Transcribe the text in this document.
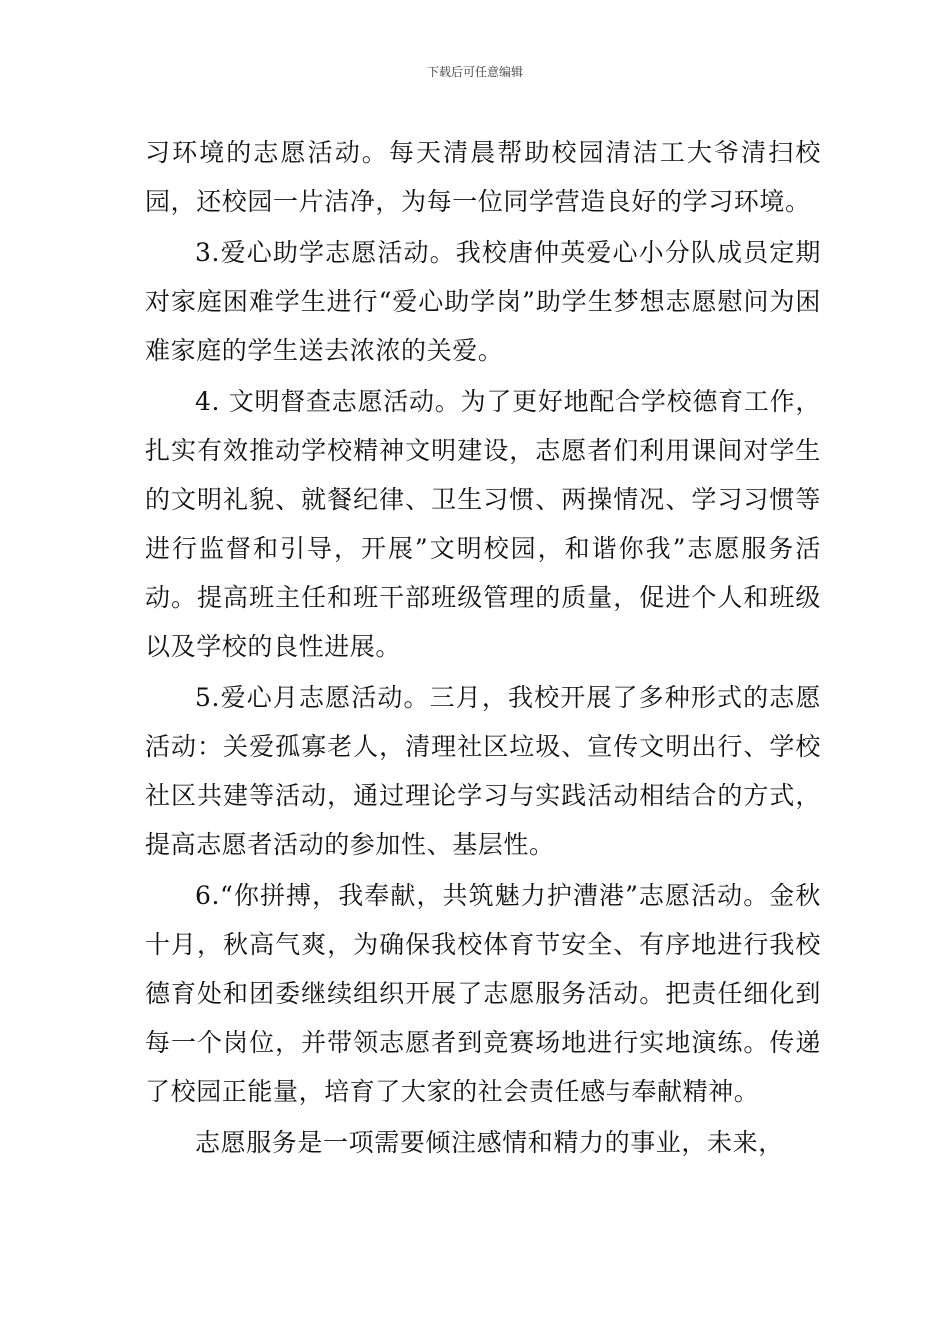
下载后可任意编辑

习环境的志愿活动。每天清晨帮助校园清洁工大爷清扫校园，还校园一片洁净，为每一位同学营造良好的学习环境。

3.爱心助学志愿活动。我校唐仲英爱心小分队成员定期对家庭困难学生进行“爱心助学岗”助学生梦想志愿慰问为困难家庭的学生送去浓浓的关爱。

4. 文明督查志愿活动。为了更好地配合学校德育工作，扎实有效推动学校精神文明建设，志愿者们利用课间对学生的文明礼貌、就餐纪律、卫生习惯、两操情况、学习习惯等进行监督和引导，开展”文明校园，和谐你我”志愿服务活动。提高班主任和班干部班级管理的质量，促进个人和班级以及学校的良性进展。

5.爱心月志愿活动。三月，我校开展了多种形式的志愿活动：关爱孤寡老人，清理社区垃圾、宣传文明出行、学校社区共建等活动，通过理论学习与实践活动相结合的方式，提高志愿者活动的参加性、基层性。

6.“你拼搏，我奉献，共筑魅力护漕港”志愿活动。金秋十月，秋高气爽，为确保我校体育节安全、有序地进行我校德育处和团委继续组织开展了志愿服务活动。把责任细化到每一个岗位，并带领志愿者到竞赛场地进行实地演练。传递了校园正能量，培育了大家的社会责任感与奉献精神。

志愿服务是一项需要倾注感情和精力的事业，未来，
